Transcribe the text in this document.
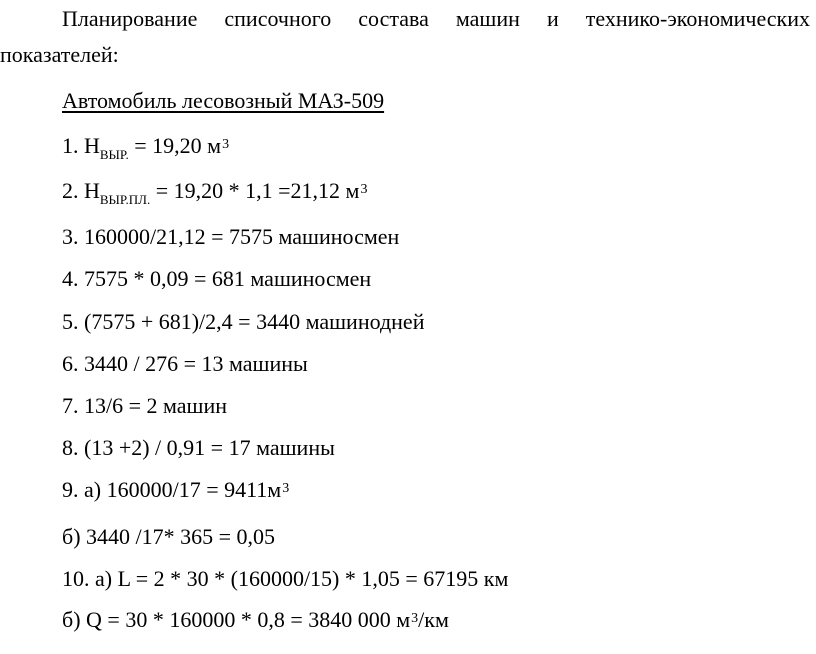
Планирование списочного состава машин и технико-экономических
показателей:
Автомобиль лесовозный МАЗ-509
1. $Н_{ВЫР.} = 19,20$ $м^3$
2. $Н_{ВЫР.ПЛ.} = 19,20 * 1,1 =21,12$ $м^3$
3. 160000/21,12 = 7575 машиносмен
4. 7575 * 0,09 = 681 машиносмен
5. (7575 + 681)/2,4 = 3440 машинодней
6. 3440 / 276 = 13 машины
7. 13/6 = 2 машин
8. (13 +2) / 0,91 = 17 машины
9. а) $160000/17 = 9411м^3$
б) 3440 /17* 365 = 0,05
10. а) L = 2 * 30 * (160000/15) * 1,05 = 67195 км
б) Q = 30 * 160000 * 0,8 = 3840 000 $м^3/км$
